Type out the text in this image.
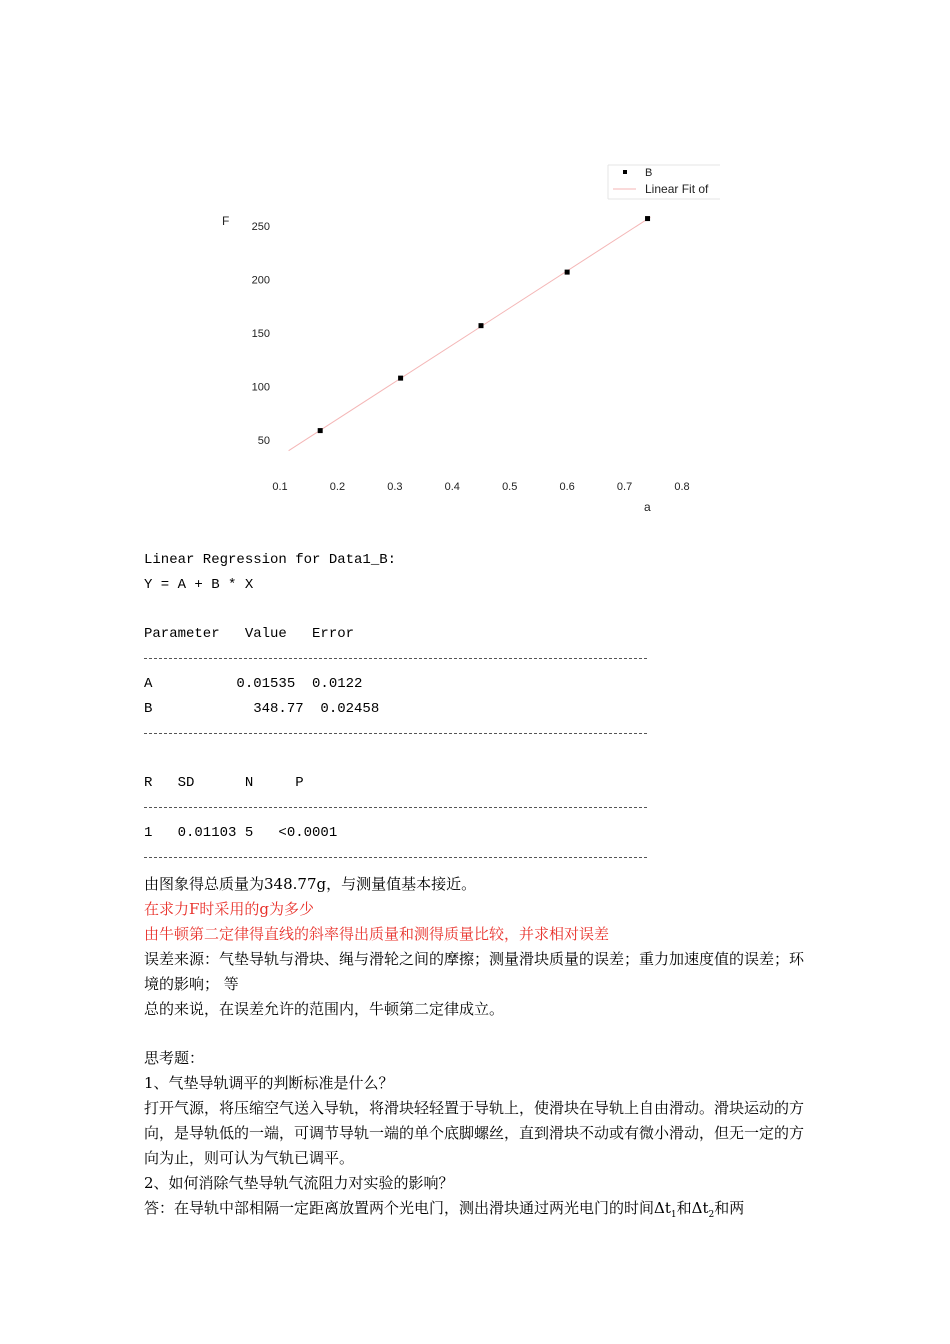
0.1	0.2	0.3	0.4	0.5	0.6	0.7	0.8
50
100
150
200
250
F
a
B
Linear Fit of
Linear Regression for Data1_B:
Y = A + B * X
Parameter   Value   Error
A          0.01535  0.0122
B            348.77  0.02458
R   SD      N     P
1   0.01103 5   <0.0001
由图象得总质量为348.77g，与测量值基本接近。
在求力F时采用的g为多少
由牛顿第二定律得直线的斜率得出质量和测得质量比较，并求相对误差
误差来源：气垫导轨与滑块、绳与滑轮之间的摩擦；测量滑块质量的误差；重力加速度值的误差；环境的影响； 等
总的来说，在误差允许的范围内，牛顿第二定律成立。
思考题：
1、气垫导轨调平的判断标准是什么？
打开气源，将压缩空气送入导轨，将滑块轻轻置于导轨上，使滑块在导轨上自由滑动。滑块运动的方向，是导轨低的一端，可调节导轨一端的单个底脚螺丝，直到滑块不动或有微小滑动，但无一定的方向为止，则可认为气轨已调平。
2、如何消除气垫导轨气流阻力对实验的影响？
答：在导轨中部相隔一定距离放置两个光电门，测出滑块通过两光电门的时间$\Delta t_1$和$\Delta t_2$和两
